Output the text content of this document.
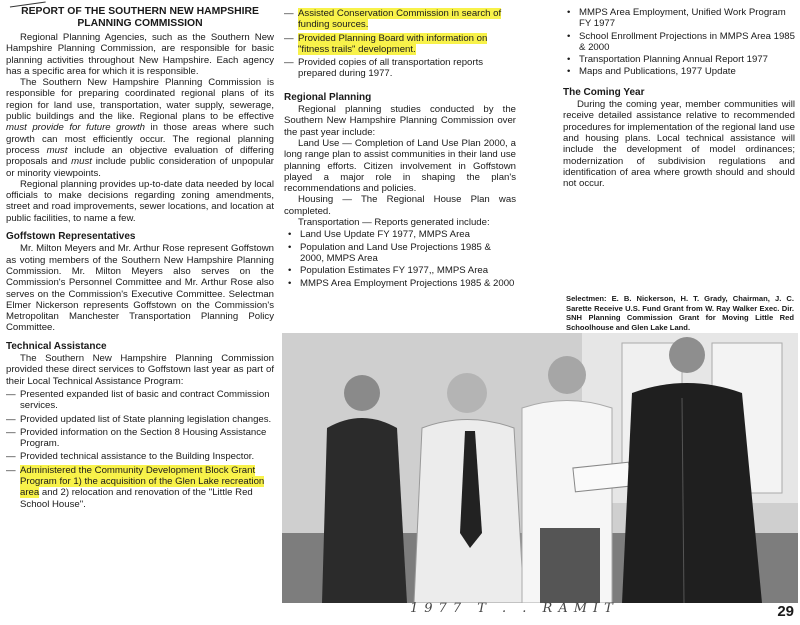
REPORT OF THE SOUTHERN NEW HAMPSHIRE PLANNING COMMISSION

Regional Planning Agencies, such as the Southern New Hampshire Planning Commission, are responsible for basic planning activities throughout New Hampshire. Each agency has a specific area for which it is responsible.

The Southern New Hampshire Planning Commission is responsible for preparing coordinated regional plans of its region for land use, transportation, water supply, sewerage, public buildings and the like. Regional plans to be effective must provide for future growth in those areas where such growth can most efficiently occur. The regional planning process must include an objective evaluation of differing proposals and must include public consideration of unpopular or minority viewpoints.

Regional planning provides up-to-date data needed by local officials to make decisions regarding zoning amendments, street and road improvements, sewer locations, and location at public facilities, to name a few.

Goffstown Representatives

Mr. Milton Meyers and Mr. Arthur Rose represent Goffstown as voting members of the Southern New Hampshire Planning Commission. Mr. Milton Meyers also serves on the Commission's Personnel Committee and Mr. Arthur Rose also serves on the Commission's Executive Committee. Selectman Elmer Nickerson represents Goffstown on the Commission's Metropolitan Manchester Transportation Planning Policy Committee.

Technical Assistance

The Southern New Hampshire Planning Commission provided these direct services to Goffstown last year as part of their Local Technical Assistance Program:

— Presented expanded list of basic and contract Commission services.
— Provided updated list of State planning legislation changes.
— Provided information on the Section 8 Housing Assistance Program.
— Provided technical assistance to the Building Inspector.
— Administered the Community Development Block Grant Program for 1) the acquisition of the Glen Lake recreation area and 2) relocation and renovation of the "Little Red School House".
— Assisted Conservation Commission in search of funding sources.
— Provided Planning Board with information on "fitness trails" development.
— Provided copies of all transportation reports prepared during 1977.
Regional Planning

Regional planning studies conducted by the Southern New Hampshire Planning Commission over the past year include:

Land Use — Completion of Land Use Plan 2000, a long range plan to assist communities in their land use planning efforts. Citizen involvement in Goffstown played a major role in shaping the plan's recommendations and policies.

Housing — The Regional House Plan was completed.

Transportation — Reports generated include:

• Land Use Update FY 1977, MMPS Area
• Population and Land Use Projections 1985 & 2000, MMPS Area
• Population Estimates FY 1977,, MMPS Area
• MMPS Area Employment Projections 1985 & 2000
• MMPS Area Employment, Unified Work Program FY 1977
• School Enrollment Projections in MMPS Area 1985 & 2000
• Transportation Planning Annual Report 1977
• Maps and Publications, 1977 Update
The Coming Year

During the coming year, member communities will receive detailed assistance relative to recommended procedures for implementation of the regional land use and housing plans. Local technical assistance will include the development of model ordinances; modernization of subdivision regulations and identification of area where growth should and should not occur.

Selectmen: E. B. Nickerson, H. T. Grady, Chairman, J. C. Sarette Receive U.S. Fund Grant from W. Ray Walker Exec. Dir. SNH Planning Commission Grant for Moving Little Red Schoolhouse and Glen Lake Land.
1977 T . . RAMIT	29
